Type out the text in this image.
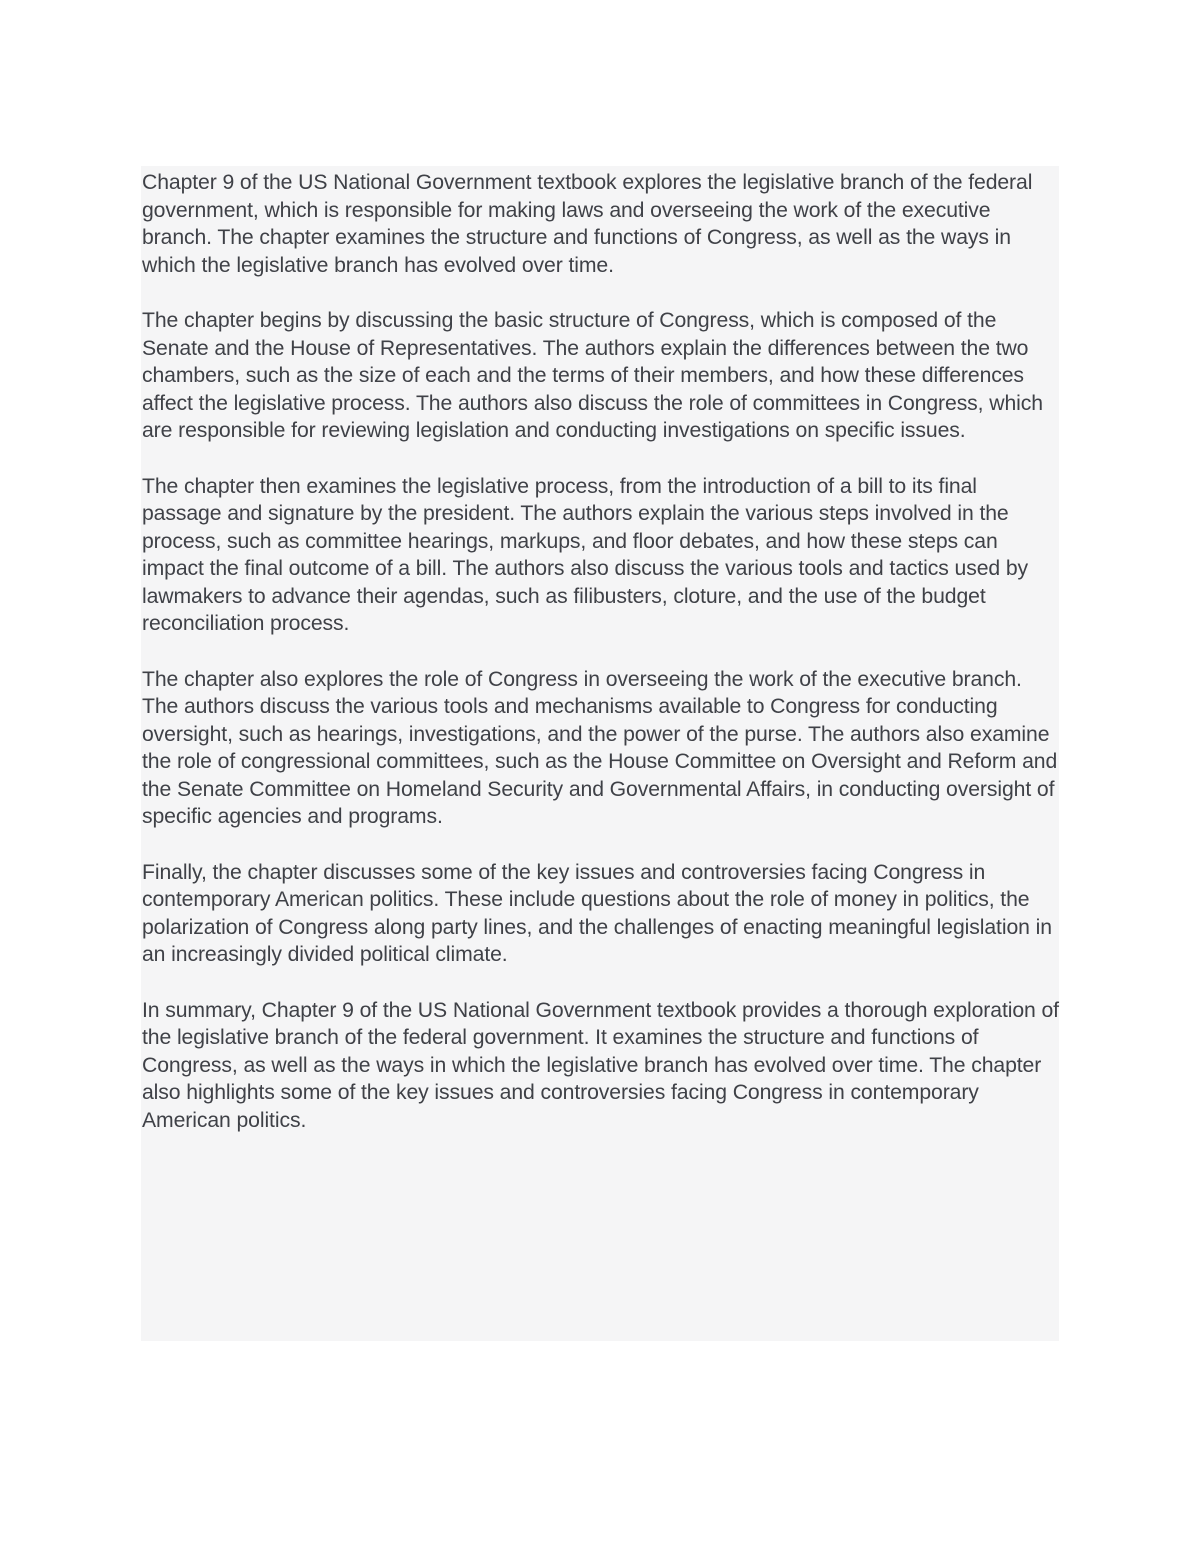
Chapter 9 of the US National Government textbook explores the legislative branch of the federal government, which is responsible for making laws and overseeing the work of the executive branch. The chapter examines the structure and functions of Congress, as well as the ways in which the legislative branch has evolved over time.

The chapter begins by discussing the basic structure of Congress, which is composed of the Senate and the House of Representatives. The authors explain the differences between the two chambers, such as the size of each and the terms of their members, and how these differences affect the legislative process. The authors also discuss the role of committees in Congress, which are responsible for reviewing legislation and conducting investigations on specific issues.

The chapter then examines the legislative process, from the introduction of a bill to its final passage and signature by the president. The authors explain the various steps involved in the process, such as committee hearings, markups, and floor debates, and how these steps can impact the final outcome of a bill. The authors also discuss the various tools and tactics used by lawmakers to advance their agendas, such as filibusters, cloture, and the use of the budget reconciliation process.

The chapter also explores the role of Congress in overseeing the work of the executive branch. The authors discuss the various tools and mechanisms available to Congress for conducting oversight, such as hearings, investigations, and the power of the purse. The authors also examine the role of congressional committees, such as the House Committee on Oversight and Reform and the Senate Committee on Homeland Security and Governmental Affairs, in conducting oversight of specific agencies and programs.

Finally, the chapter discusses some of the key issues and controversies facing Congress in contemporary American politics. These include questions about the role of money in politics, the polarization of Congress along party lines, and the challenges of enacting meaningful legislation in an increasingly divided political climate.

In summary, Chapter 9 of the US National Government textbook provides a thorough exploration of the legislative branch of the federal government. It examines the structure and functions of Congress, as well as the ways in which the legislative branch has evolved over time. The chapter also highlights some of the key issues and controversies facing Congress in contemporary American politics.
